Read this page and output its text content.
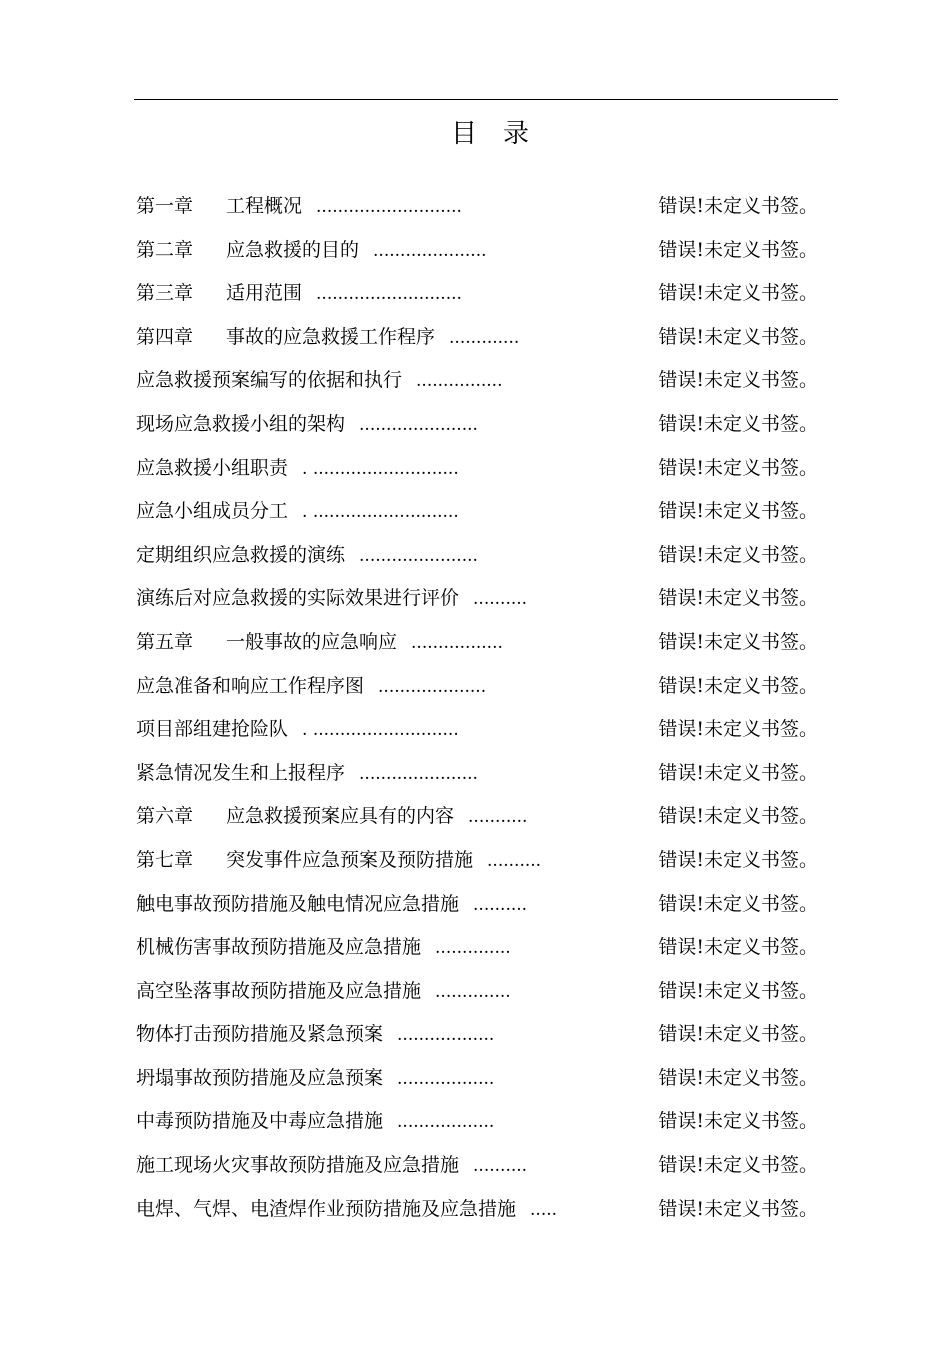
目　录
第一章 工程概况 ...........................	错误!未定义书签。
第二章 应急救援的目的 .....................	错误!未定义书签。
第三章 适用范围 ...........................	错误!未定义书签。
第四章 事故的应急救援工作程序 .............	错误!未定义书签。
应急救援预案编写的依据和执行 ................	错误!未定义书签。
现场应急救援小组的架构 ......................	错误!未定义书签。
应急救援小组职责 . ...........................	错误!未定义书签。
应急小组成员分工 . ...........................	错误!未定义书签。
定期组织应急救援的演练 ......................	错误!未定义书签。
演练后对应急救援的实际效果进行评价 ..........	错误!未定义书签。
第五章 一般事故的应急响应 .................	错误!未定义书签。
应急准备和响应工作程序图 ....................	错误!未定义书签。
项目部组建抢险队 . ...........................	错误!未定义书签。
紧急情况发生和上报程序 ......................	错误!未定义书签。
第六章 应急救援预案应具有的内容 ...........	错误!未定义书签。
第七章 突发事件应急预案及预防措施 ..........	错误!未定义书签。
触电事故预防措施及触电情况应急措施 ..........	错误!未定义书签。
机械伤害事故预防措施及应急措施 ..............	错误!未定义书签。
高空坠落事故预防措施及应急措施 ..............	错误!未定义书签。
物体打击预防措施及紧急预案 ..................	错误!未定义书签。
坍塌事故预防措施及应急预案 ..................	错误!未定义书签。
中毒预防措施及中毒应急措施 ..................	错误!未定义书签。
施工现场火灾事故预防措施及应急措施 ..........	错误!未定义书签。
电焊、气焊、电渣焊作业预防措施及应急措施 .....	错误!未定义书签。
